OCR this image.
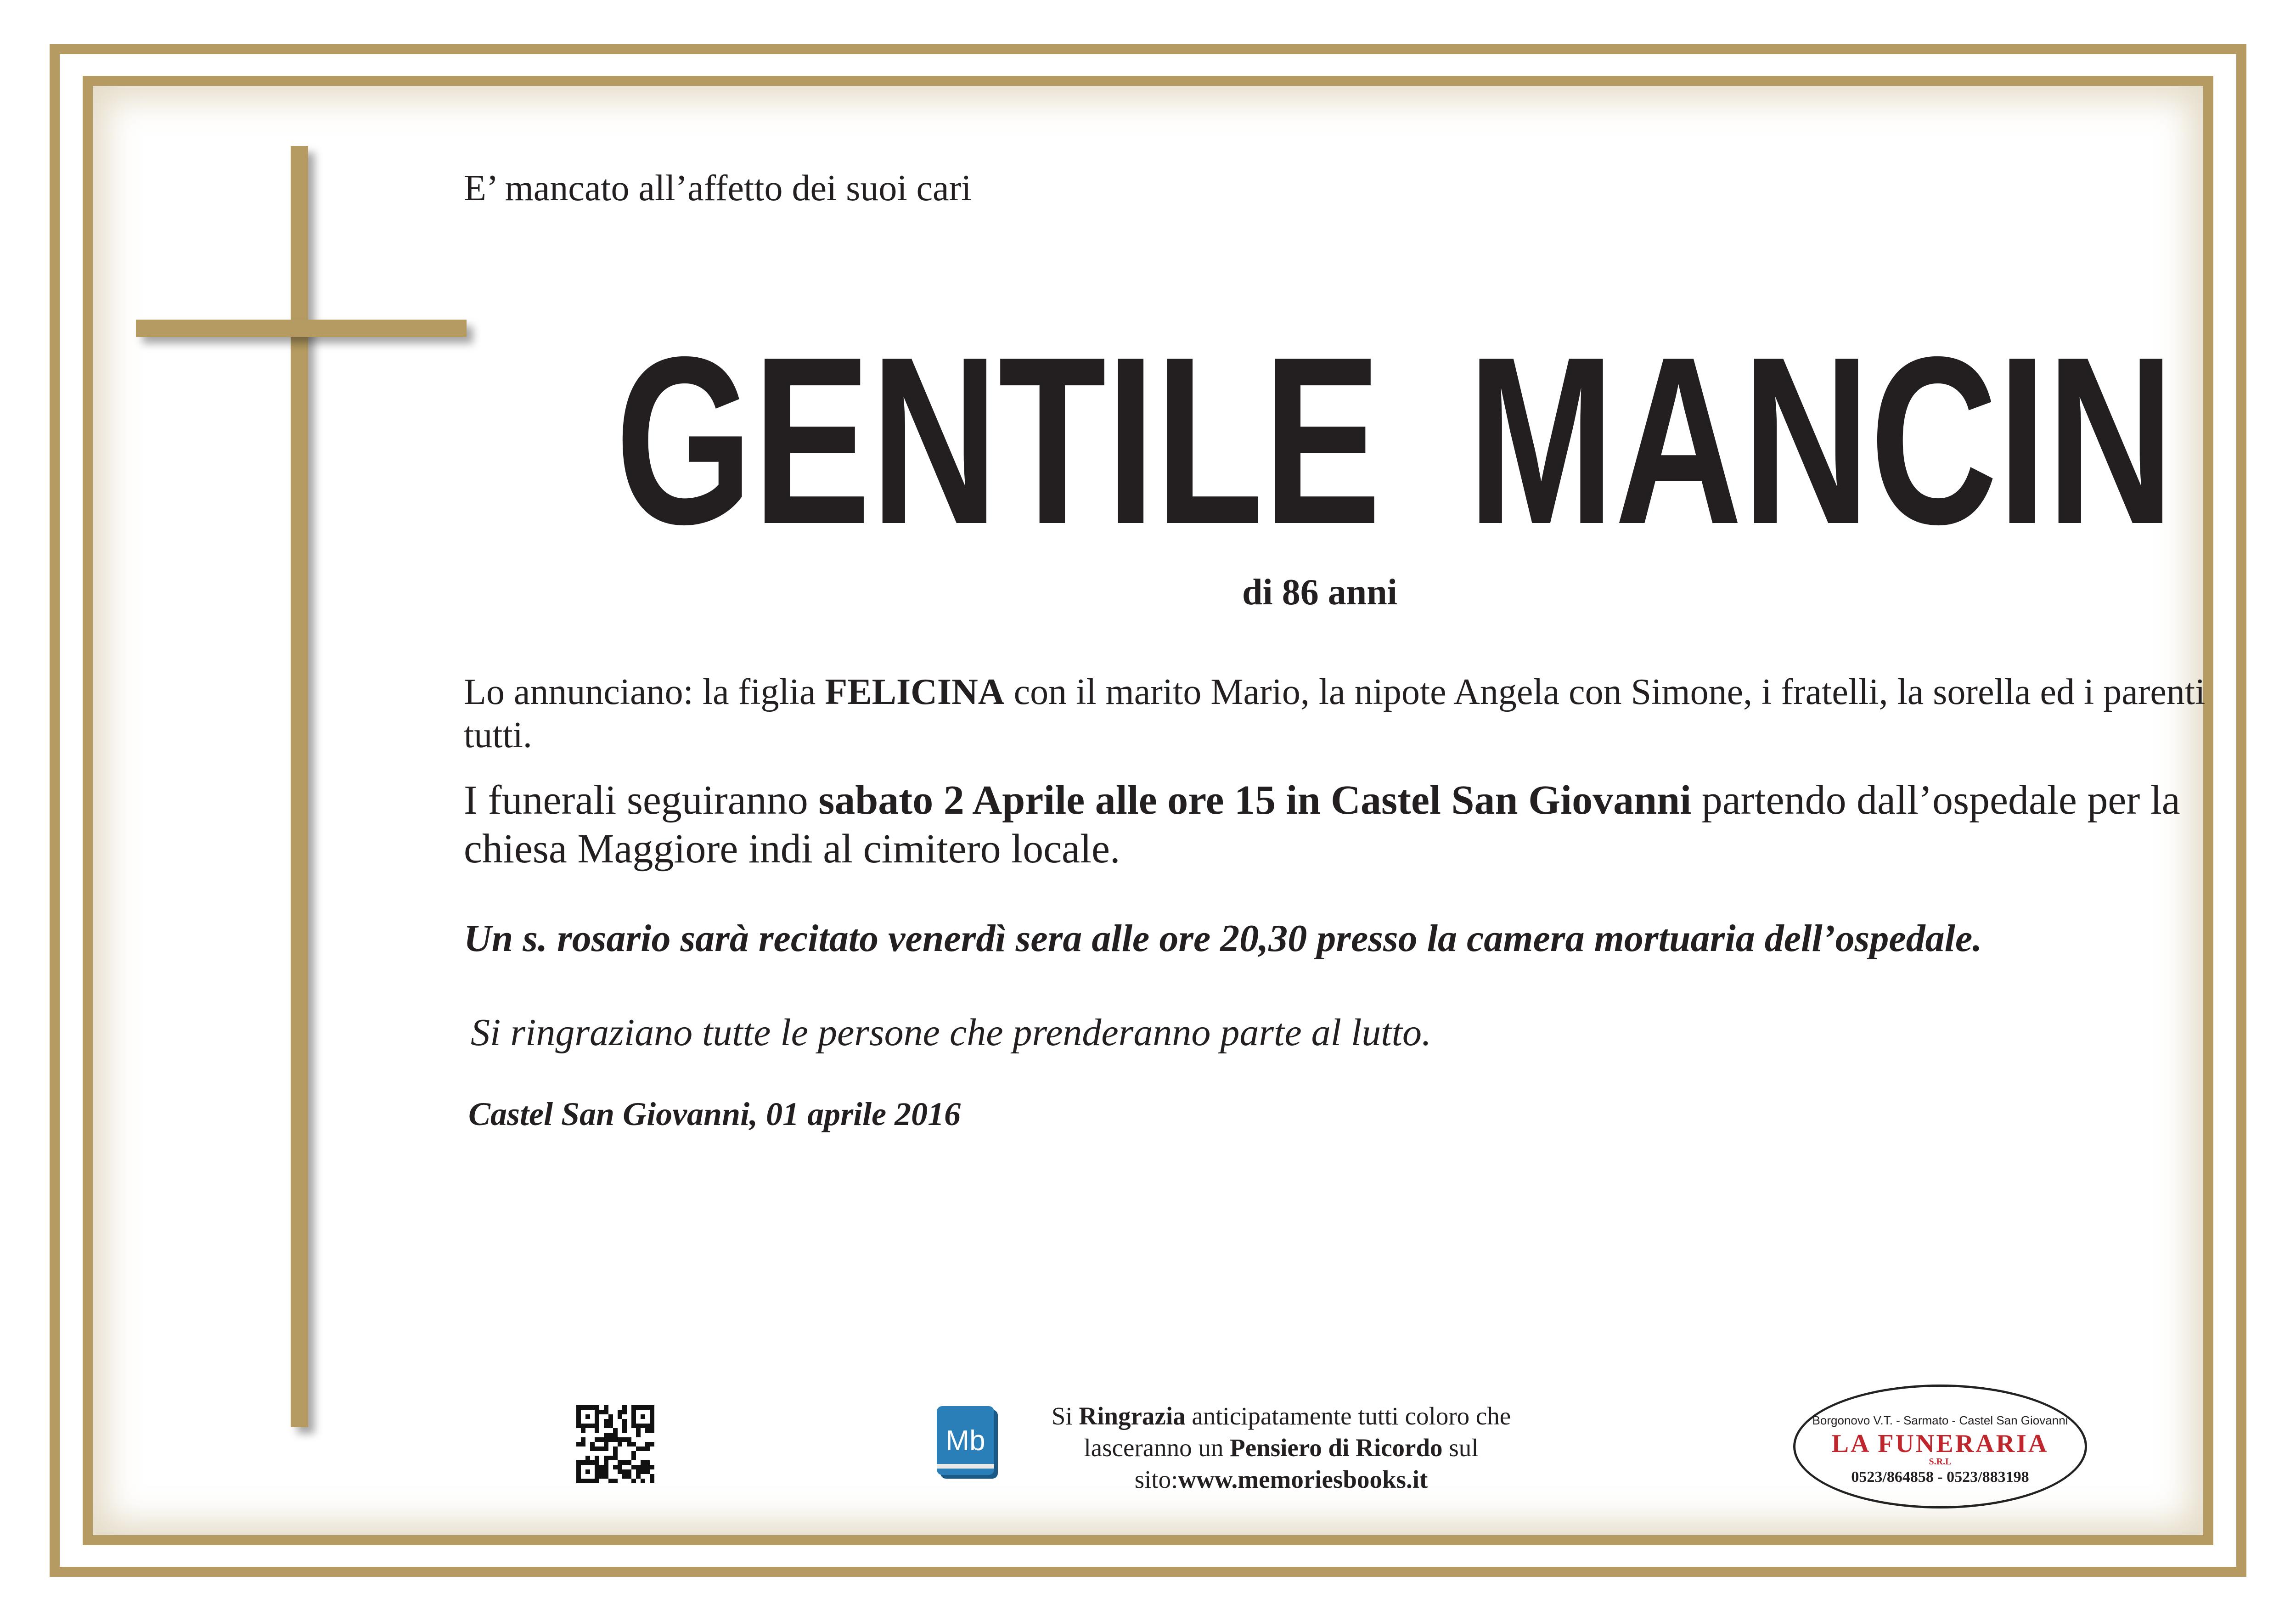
E’ mancato all’affetto dei suoi cari
GENTILE MANCIN
di 86 anni
Lo annunciano: la figlia FELICINA con il marito Mario, la nipote Angela con Simone, i fratelli, la sorella ed i parenti tutti.
I funerali seguiranno sabato 2 Aprile alle ore 15 in Castel San Giovanni partendo dall’ospedale per la chiesa Maggiore indi al cimitero locale.
Un s. rosario sarà recitato venerdì sera alle ore 20,30 presso la camera mortuaria dell’ospedale.
Si ringraziano tutte le persone che prenderanno parte al lutto.
Castel San Giovanni, 01 aprile 2016
Mb
Si Ringrazia anticipatamente tutti coloro che lasceranno un Pensiero di Ricordo sul sito:www.memoriesbooks.it
Borgonovo V.T. - Sarmato - Castel San Giovanni
LA FUNERARIA
S.R.L
0523/864858 - 0523/883198
